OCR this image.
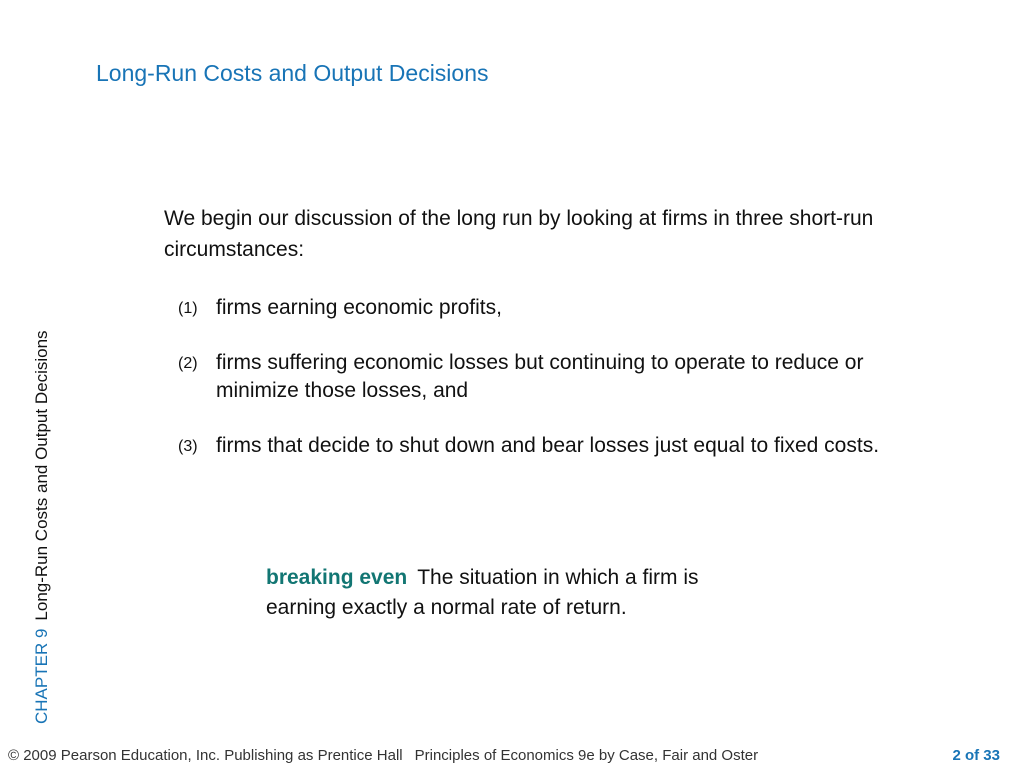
Long-Run Costs and Output Decisions
CHAPTER 9Long-Run Costs and Output Decisions
We begin our discussion of the long run by looking at firms in three short-run circumstances:
(1) firms earning economic profits,
(2) firms suffering economic losses but continuing to operate to reduce or minimize those losses, and
(3) firms that decide to shut down and bear losses just equal to fixed costs.
breaking even The situation in which a firm is earning exactly a normal rate of return.
© 2009 Pearson Education, Inc. Publishing as Prentice Hall Principles of Economics 9e by Case, Fair and Oster	2 of 33
